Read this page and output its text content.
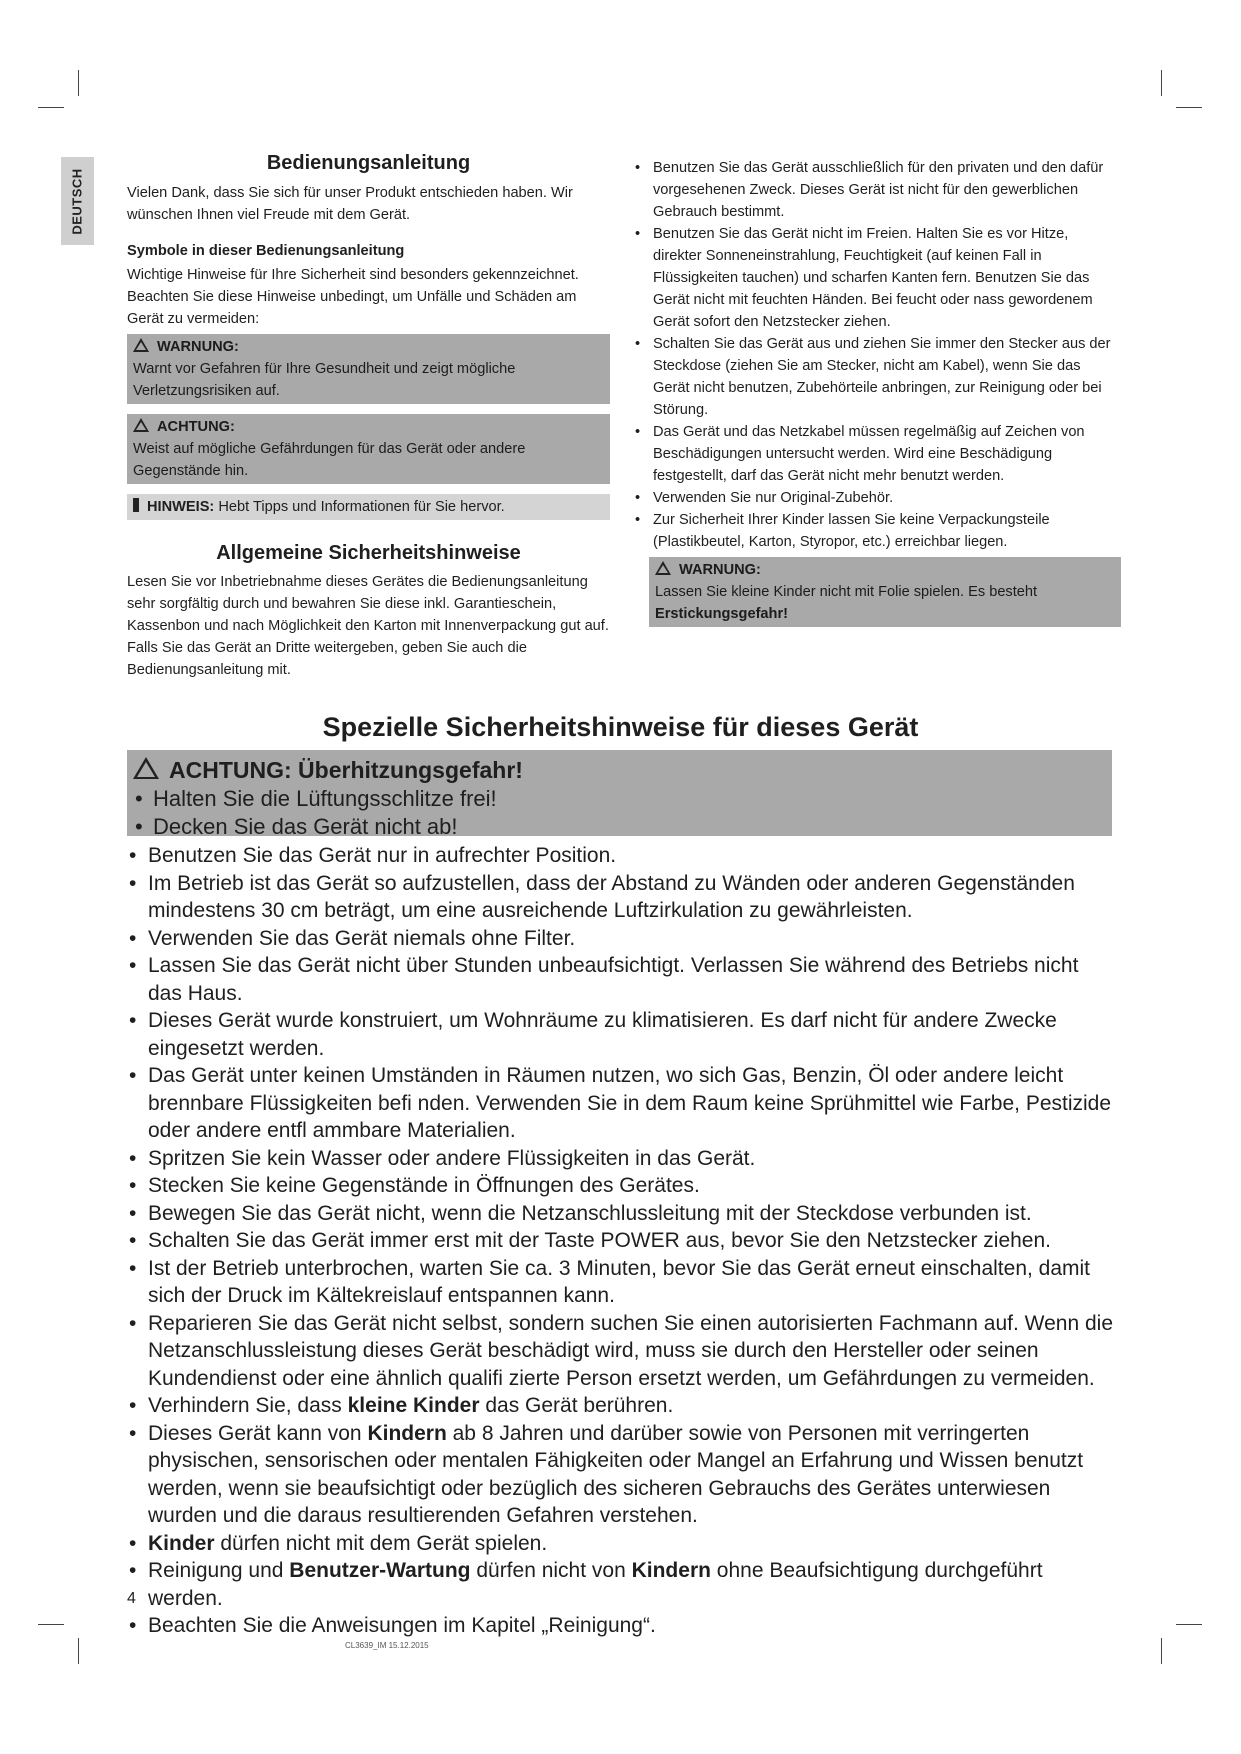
DEUTSCH
Bedienungsanleitung

Vielen Dank, dass Sie sich für unser Produkt entschieden haben. Wir wünschen Ihnen viel Freude mit dem Gerät.

Symbole in dieser Bedienungsanleitung

Wichtige Hinweise für Ihre Sicherheit sind besonders gekennzeichnet. Beachten Sie diese Hinweise unbedingt, um Unfälle und Schäden am Gerät zu vermeiden:

WARNUNG:
Warnt vor Gefahren für Ihre Gesundheit und zeigt mögliche Verletzungsrisiken auf.
ACHTUNG:
Weist auf mögliche Gefährdungen für das Gerät oder andere Gegenstände hin.
HINWEIS: Hebt Tipps und Informationen für Sie hervor.
Allgemeine Sicherheitshinweise

Lesen Sie vor Inbetriebnahme dieses Gerätes die Bedienungsanleitung sehr sorgfältig durch und bewahren Sie diese inkl. Garantieschein, Kassenbon und nach Möglichkeit den Karton mit Innenverpackung gut auf. Falls Sie das Gerät an Dritte weitergeben, geben Sie auch die Bedienungsanleitung mit.

• Benutzen Sie das Gerät ausschließlich für den privaten und den dafür vorgesehenen Zweck. Dieses Gerät ist nicht für den gewerblichen Gebrauch bestimmt.
• Benutzen Sie das Gerät nicht im Freien. Halten Sie es vor Hitze, direkter Sonneneinstrahlung, Feuchtigkeit (auf keinen Fall in Flüssigkeiten tauchen) und scharfen Kanten fern. Benutzen Sie das Gerät nicht mit feuchten Händen. Bei feucht oder nass gewordenem Gerät sofort den Netzstecker ziehen.
• Schalten Sie das Gerät aus und ziehen Sie immer den Stecker aus der Steckdose (ziehen Sie am Stecker, nicht am Kabel), wenn Sie das Gerät nicht benutzen, Zubehörteile anbringen, zur Reinigung oder bei Störung.
• Das Gerät und das Netzkabel müssen regelmäßig auf Zeichen von Beschädigungen untersucht werden. Wird eine Beschädigung festgestellt, darf das Gerät nicht mehr benutzt werden.
• Verwenden Sie nur Original-Zubehör.
• Zur Sicherheit Ihrer Kinder lassen Sie keine Verpackungsteile (Plastikbeutel, Karton, Styropor, etc.) erreichbar liegen.
WARNUNG:
Lassen Sie kleine Kinder nicht mit Folie spielen. Es besteht
Erstickungsgefahr!
Spezielle Sicherheitshinweise für dieses Gerät
ACHTUNG: Überhitzungsgefahr!
• Halten Sie die Lüftungsschlitze frei!
• Decken Sie das Gerät nicht ab!
• Benutzen Sie das Gerät nur in aufrechter Position.
• Im Betrieb ist das Gerät so aufzustellen, dass der Abstand zu Wänden oder anderen Gegenständen mindestens 30 cm beträgt, um eine ausreichende Luftzirkulation zu gewährleisten.
• Verwenden Sie das Gerät niemals ohne Filter.
• Lassen Sie das Gerät nicht über Stunden unbeaufsichtigt. Verlassen Sie während des Betriebs nicht das Haus.
• Dieses Gerät wurde konstruiert, um Wohnräume zu klimatisieren. Es darf nicht für andere Zwecke eingesetzt werden.
• Das Gerät unter keinen Umständen in Räumen nutzen, wo sich Gas, Benzin, Öl oder andere leicht brennbare Flüssigkeiten befi nden. Verwenden Sie in dem Raum keine Sprühmittel wie Farbe, Pestizide oder andere entfl ammbare Materialien.
• Spritzen Sie kein Wasser oder andere Flüssigkeiten in das Gerät.
• Stecken Sie keine Gegenstände in Öffnungen des Gerätes.
• Bewegen Sie das Gerät nicht, wenn die Netzanschlussleitung mit der Steckdose verbunden ist.
• Schalten Sie das Gerät immer erst mit der Taste POWER aus, bevor Sie den Netzstecker ziehen.
• Ist der Betrieb unterbrochen, warten Sie ca. 3 Minuten, bevor Sie das Gerät erneut einschalten, damit sich der Druck im Kältekreislauf entspannen kann.
• Reparieren Sie das Gerät nicht selbst, sondern suchen Sie einen autorisierten Fachmann auf. Wenn die Netzanschlussleistung dieses Gerät beschädigt wird, muss sie durch den Hersteller oder seinen Kundendienst oder eine ähnlich qualifi zierte Person ersetzt werden, um Gefährdungen zu vermeiden.
• Verhindern Sie, dass kleine Kinder das Gerät berühren.
• Dieses Gerät kann von Kindern ab 8 Jahren und darüber sowie von Personen mit verringerten physischen, sensorischen oder mentalen Fähigkeiten oder Mangel an Erfahrung und Wissen benutzt werden, wenn sie beaufsichtigt oder bezüglich des sicheren Gebrauchs des Gerätes unterwiesen wurden und die daraus resultierenden Gefahren verstehen.
• Kinder dürfen nicht mit dem Gerät spielen.
• Reinigung und Benutzer-Wartung dürfen nicht von Kindern ohne Beaufsichtigung durchgeführt werden.
• Beachten Sie die Anweisungen im Kapitel „Reinigung“.
4
CL3639_IM 15.12.2015
